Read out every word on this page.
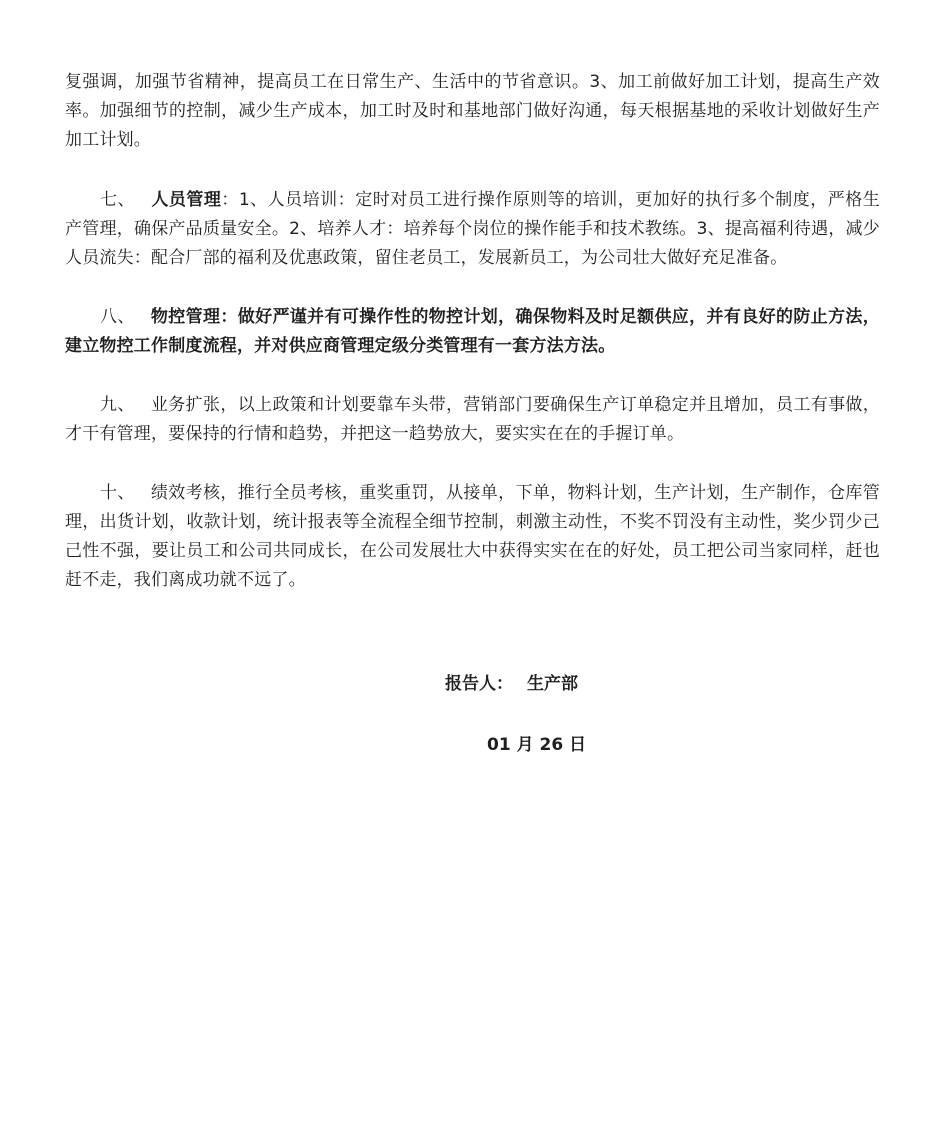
复强调，加强节省精神，提高员工在日常生产、生活中的节省意识。3、加工前做好加工计划，提高生产效率。加强细节的控制，减少生产成本，加工时及时和基地部门做好沟通，每天根据基地的采收计划做好生产加工计划。

七、 人员管理：1、人员培训：定时对员工进行操作原则等的培训，更加好的执行多个制度，严格生产管理，确保产品质量安全。2、培养人才：培养每个岗位的操作能手和技术教练。3、提高福利待遇，减少人员流失：配合厂部的福利及优惠政策，留住老员工，发展新员工，为公司壮大做好充足准备。

八、 物控管理：做好严谨并有可操作性的物控计划，确保物料及时足额供应，并有良好的防止方法，建立物控工作制度流程，并对供应商管理定级分类管理有一套方法方法。

九、 业务扩张，以上政策和计划要靠车头带，营销部门要确保生产订单稳定并且增加，员工有事做，才干有管理，要保持的行情和趋势，并把这一趋势放大，要实实在在的手握订单。

十、 绩效考核，推行全员考核，重奖重罚，从接单，下单，物料计划，生产计划，生产制作，仓库管理，出货计划，收款计划，统计报表等全流程全细节控制，刺激主动性，不奖不罚没有主动性，奖少罚少己己性不强，要让员工和公司共同成长，在公司发展壮大中获得实实在在的好处，员工把公司当家同样，赶也赶不走，我们离成功就不远了。

报告人： 生产部
01 月 26 日
